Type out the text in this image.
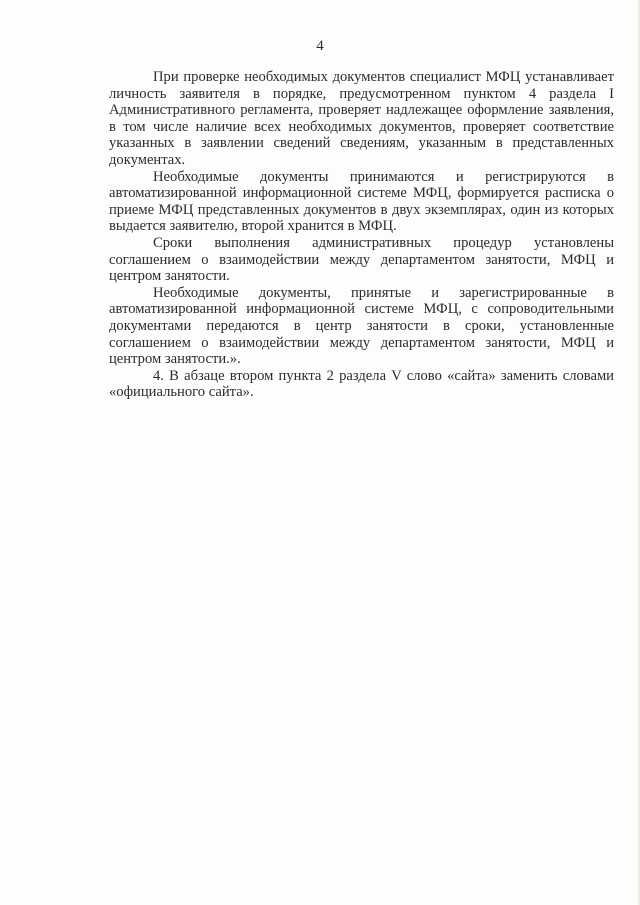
4

При проверке необходимых документов специалист МФЦ устанавливает личность заявителя в порядке, предусмотренном пунктом 4 раздела I Административного регламента, проверяет надлежащее оформление заявления, в том числе наличие всех необходимых документов, проверяет соответствие указанных в заявлении сведений сведениям, указанным в представленных документах.

Необходимые документы принимаются и регистрируются в автоматизированной информационной системе МФЦ, формируется расписка о приеме МФЦ представленных документов в двух экземплярах, один из которых выдается заявителю, второй хранится в МФЦ.

Сроки выполнения административных процедур установлены соглашением о взаимодействии между департаментом занятости, МФЦ и центром занятости.

Необходимые документы, принятые и зарегистрированные в автоматизированной информационной системе МФЦ, с сопроводительными документами передаются в центр занятости в сроки, установленные соглашением о взаимодействии между департаментом занятости, МФЦ и центром занятости.».

4. В абзаце втором пункта 2 раздела V слово «сайта» заменить словами «официального сайта».
